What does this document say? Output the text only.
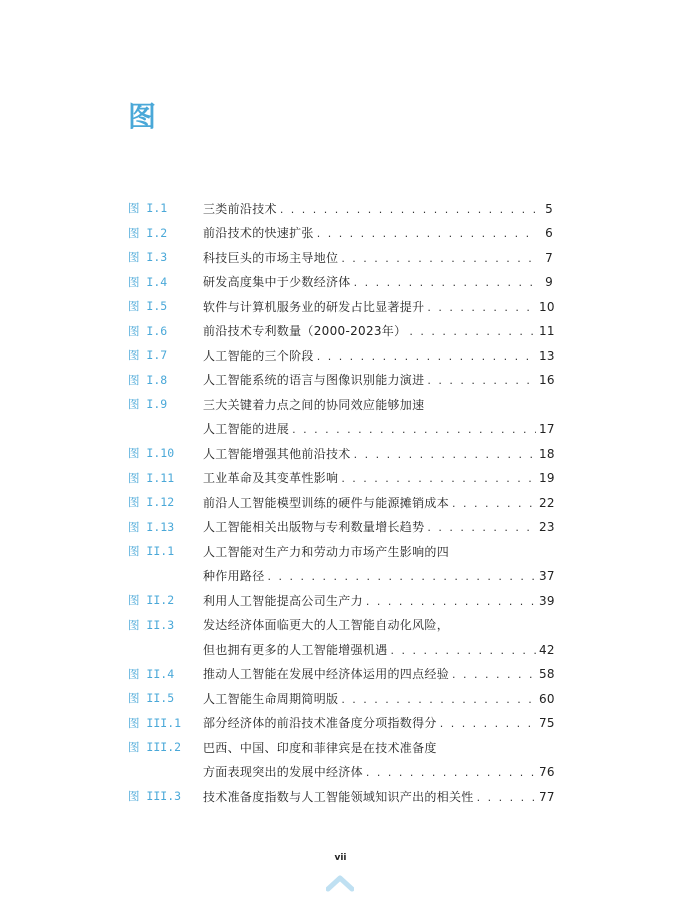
图
图 I.1	三类前沿技术 . . .	5
图 I.2	前沿技术的快速扩张 . . .	6
图 I.3	科技巨头的市场主导地位 . . .	7
图 I.4	研发高度集中于少数经济体 . . .	9
图 I.5	软件与计算机服务业的研发占比显著提升 . . .	10
图 I.6	前沿技术专利数量（2000-2023年） . . .	11
图 I.7	人工智能的三个阶段 . . .	13
图 I.8	人工智能系统的语言与图像识别能力演进 . . .	16
图 I.9	三大关键着力点之间的协同效应能够加速
人工智能的进展 . . .	17
图 I.10	人工智能增强其他前沿技术 . . .	18
图 I.11	工业革命及其变革性影响 . . .	19
图 I.12	前沿人工智能模型训练的硬件与能源摊销成本 . . .	22
图 I.13	人工智能相关出版物与专利数量增长趋势 . . .	23
图 II.1	人工智能对生产力和劳动力市场产生影响的四
种作用路径 . . .	37
图 II.2	利用人工智能提高公司生产力 . . .	39
图 II.3	发达经济体面临更大的人工智能自动化风险，
但也拥有更多的人工智能增强机遇 . . .	42
图 II.4	推动人工智能在发展中经济体运用的四点经验 . . .	58
图 II.5	人工智能生命周期简明版 . . .	60
图 III.1	部分经济体的前沿技术准备度分项指数得分 . . .	75
图 III.2	巴西、中国、印度和菲律宾是在技术准备度
方面表现突出的发展中经济体 . . .	76
图 III.3	技术准备度指数与人工智能领域知识产出的相关性 . . .	77
vii
